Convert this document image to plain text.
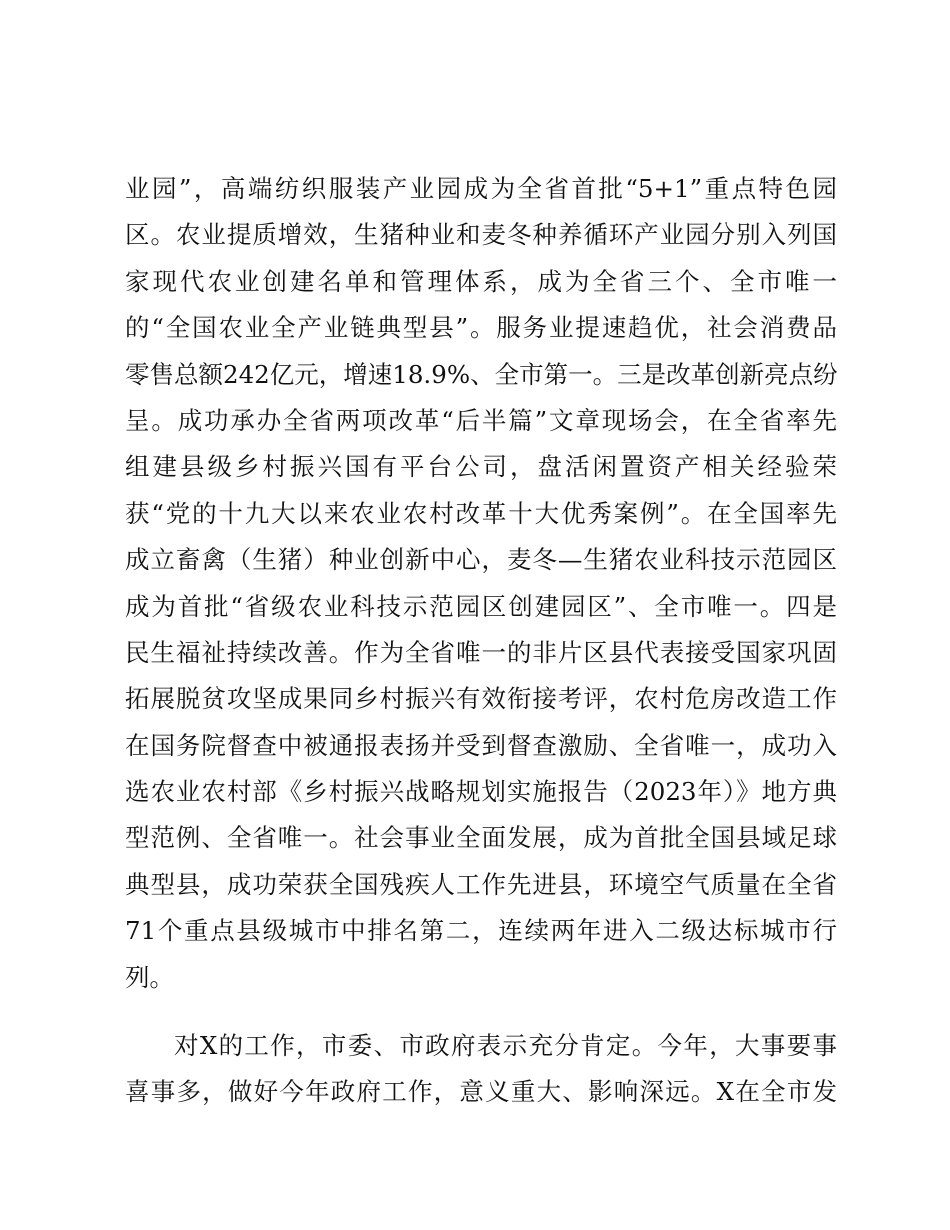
业园”，高端纺织服装产业园成为全省首批“5+1”重点特色园
区。农业提质增效，生猪种业和麦冬种养循环产业园分别入列国
家现代农业创建名单和管理体系，成为全省三个、全市唯一
的“全国农业全产业链典型县”。服务业提速趋优，社会消费品
零售总额242亿元，增速18.9%、全市第一。三是改革创新亮点纷
呈。成功承办全省两项改革“后半篇”文章现场会，在全省率先
组建县级乡村振兴国有平台公司，盘活闲置资产相关经验荣
获“党的十九大以来农业农村改革十大优秀案例”。在全国率先
成立畜禽（生猪）种业创新中心，麦冬—生猪农业科技示范园区
成为首批“省级农业科技示范园区创建园区”、全市唯一。四是
民生福祉持续改善。作为全省唯一的非片区县代表接受国家巩固
拓展脱贫攻坚成果同乡村振兴有效衔接考评，农村危房改造工作
在国务院督查中被通报表扬并受到督查激励、全省唯一，成功入
选农业农村部《乡村振兴战略规划实施报告（2023年）》地方典
型范例、全省唯一。社会事业全面发展，成为首批全国县域足球
典型县，成功荣获全国残疾人工作先进县，环境空气质量在全省
71个重点县级城市中排名第二，连续两年进入二级达标城市行
列。
对X的工作，市委、市政府表示充分肯定。今年，大事要事
喜事多，做好今年政府工作，意义重大、影响深远。X在全市发
